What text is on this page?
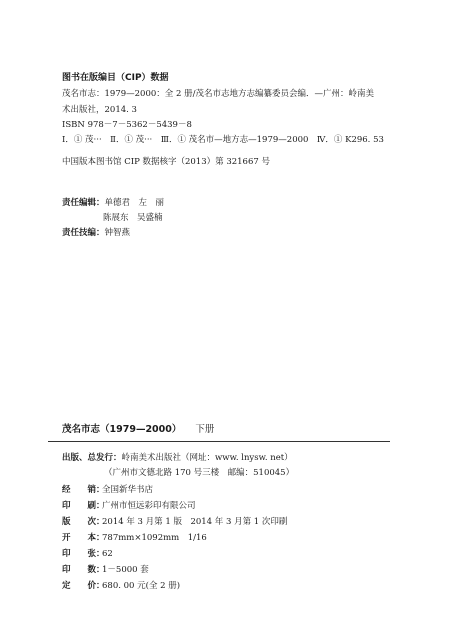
图书在版编目（CIP）数据
茂名市志：1979—2000：全 2 册/茂名市志地方志编纂委员会编．—广州：岭南美
术出版社，2014. 3
ISBN 978－7－5362－5439－8
Ⅰ．① 茂···　Ⅱ．① 茂···　Ⅲ．① 茂名市—地方志—1979—2000　Ⅳ．① K296. 53
中国版本图书馆 CIP 数据核字（2013）第 321667 号
责任编辑：单德君　左　丽
陈展东　吴盛楠
责任技编：钟智燕
茂名市志（1979—2000） 下册
出版、总发行：岭南美术出版社（网址：www. lnysw. net）
（广州市文德北路 170 号三楼　邮编：510045）
经　　销：全国新华书店
印　　刷：广州市恒远彩印有限公司
版　　次：2014 年 3 月第 1 版　2014 年 3 月第 1 次印刷
开　　本：787mm×1092mm　1/16
印　　张：62
印　　数：1－5000 套
定　　价：680. 00 元(全 2 册)
